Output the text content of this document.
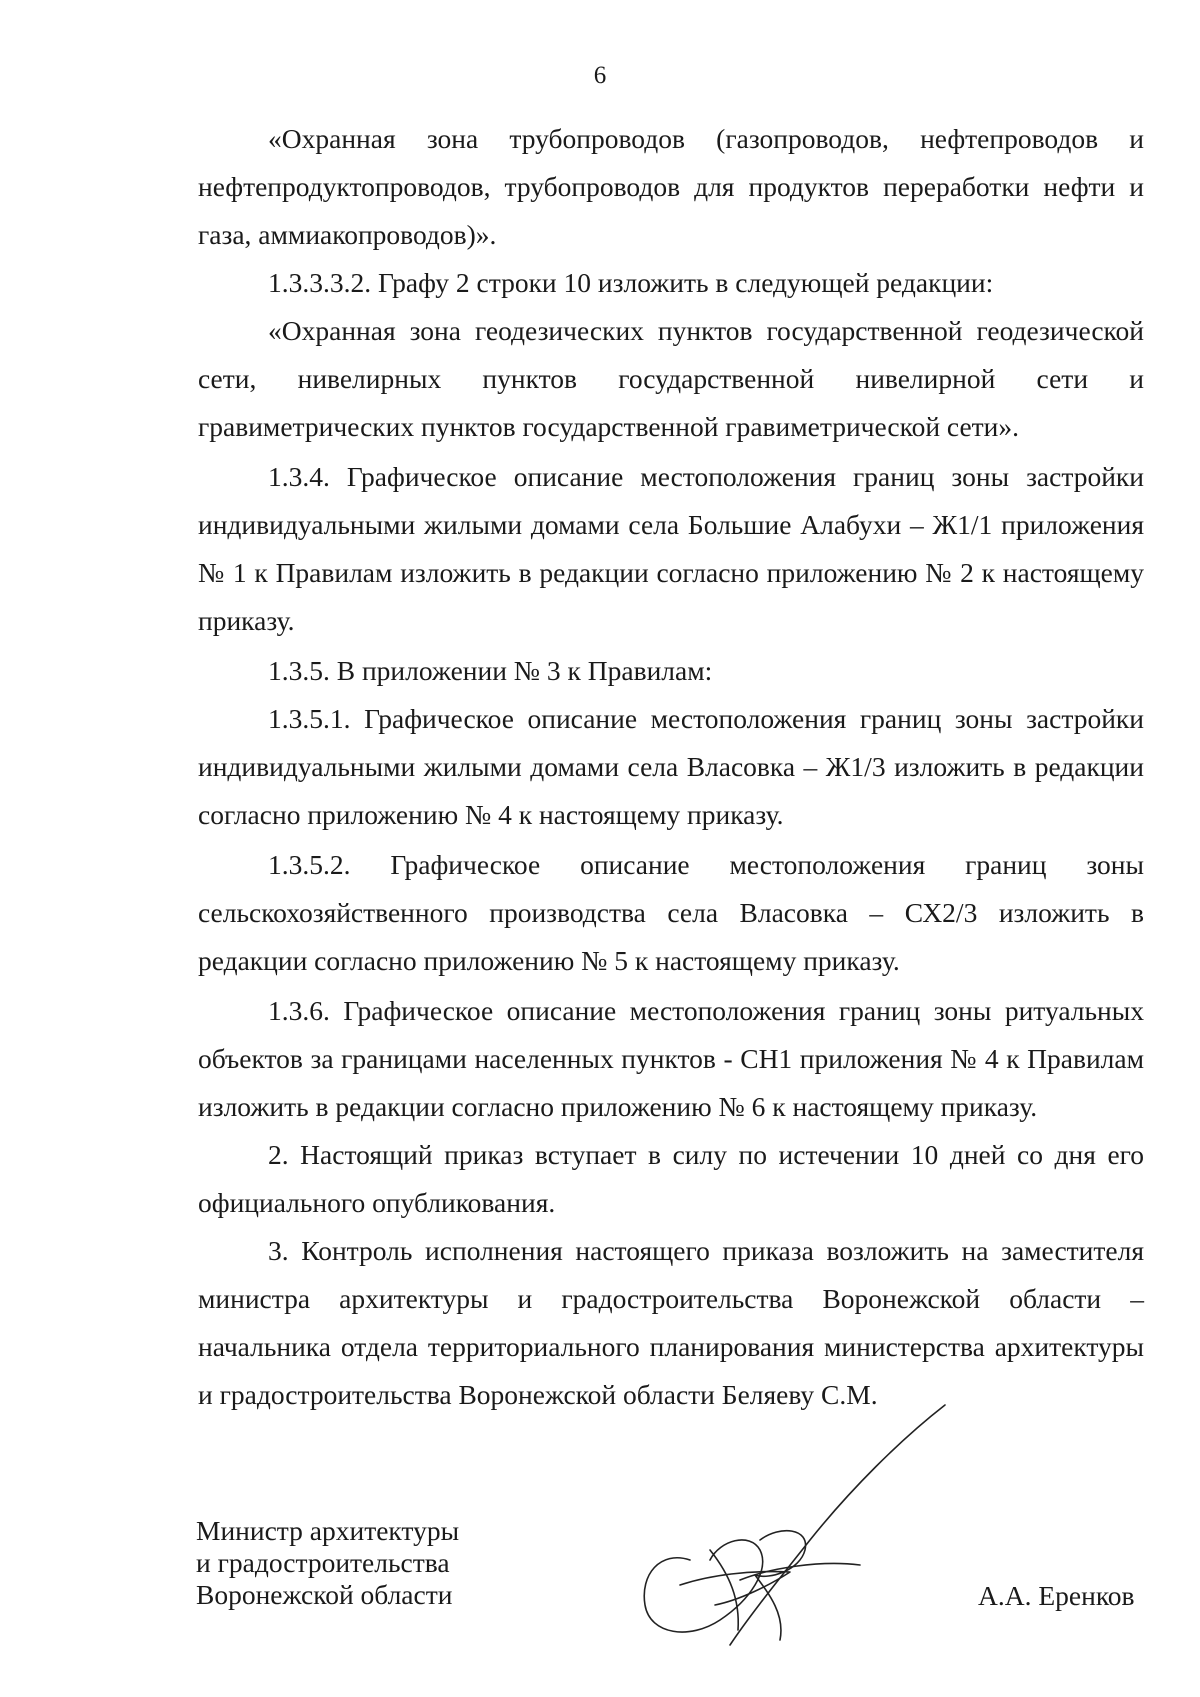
6

«Охранная зона трубопроводов (газопроводов, нефтепроводов и нефтепродуктопроводов, трубопроводов для продуктов переработки нефти и газа, аммиакопроводов)».

1.3.3.3.2. Графу 2 строки 10 изложить в следующей редакции:

«Охранная зона геодезических пунктов государственной геодезической сети, нивелирных пунктов государственной нивелирной сети и гравиметрических пунктов государственной гравиметрической сети».

1.3.4. Графическое описание местоположения границ зоны застройки индивидуальными жилыми домами села Большие Алабухи – Ж1/1 приложения № 1 к Правилам изложить в редакции согласно приложению № 2 к настоящему приказу.

1.3.5. В приложении № 3 к Правилам:

1.3.5.1. Графическое описание местоположения границ зоны застройки индивидуальными жилыми домами села Власовка – Ж1/3 изложить в редакции согласно приложению № 4 к настоящему приказу.

1.3.5.2. Графическое описание местоположения границ зоны сельскохозяйственного производства села Власовка – СХ2/3 изложить в редакции согласно приложению № 5 к настоящему приказу.

1.3.6. Графическое описание местоположения границ зоны ритуальных объектов за границами населенных пунктов - СН1 приложения № 4 к Правилам изложить в редакции согласно приложению № 6 к настоящему приказу.

2. Настоящий приказ вступает в силу по истечении 10 дней со дня его официального опубликования.

3. Контроль исполнения настоящего приказа возложить на заместителя министра архитектуры и градостроительства Воронежской области – начальника отдела территориального планирования министерства архитектуры и градостроительства Воронежской области Беляеву С.М.

Министр архитектуры
и градостроительства
Воронежской области	А.А. Еренков
